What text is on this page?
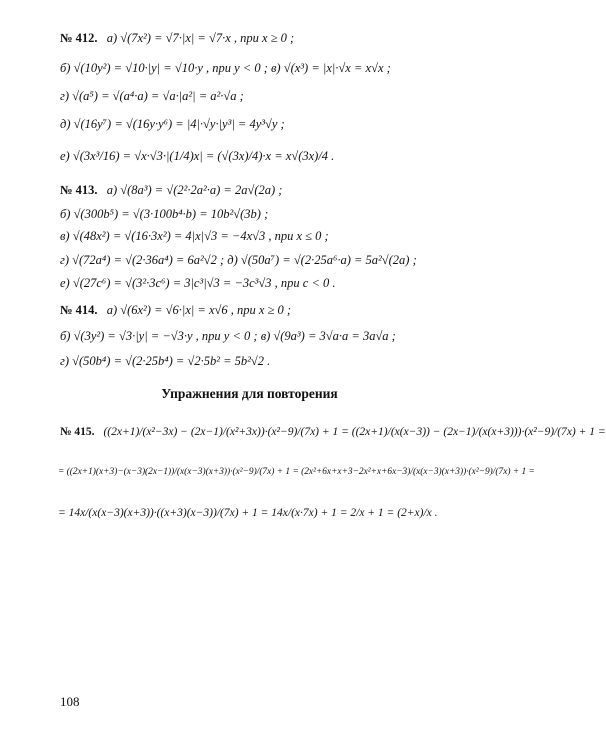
№ 412. а) √(7x²) = √7·|x| = √7·x , при x ≥ 0 ;
б) √(10y²) = √10·|y| = √10·y , при y < 0 ; в) √(x³) = |x|·√x = x√x ;
г) √(a⁵) = √(a⁴·a) = √a·|a²| = a²·√a ;
д) √(16y⁷) = √(16y·y⁶) = |4|·√y·|y³| = 4y³√y ;
е) √(3x³/16) = √x·√3·|(1/4)x| = (√(3x)/4)·x = x√(3x)/4 .
№ 413. а) √(8a³) = √(2²·2a²·a) = 2a√(2a) ;
б) √(300b⁵) = √(3·100b⁴·b) = 10b²√(3b) ;
в) √(48x²) = √(16·3x²) = 4|x|√3 = −4x√3 , при x ≤ 0 ;
г) √(72a⁴) = √(2·36a⁴) = 6a²√2 ; д) √(50a⁷) = √(2·25a⁶·a) = 5a²√(2a) ;
е) √(27c⁶) = √(3²·3c⁶) = 3|c³|√3 = −3c³√3 , при c < 0 .
№ 414. а) √(6x²) = √6·|x| = x√6 , при x ≥ 0 ;
б) √(3y²) = √3·|y| = −√3·y , при y < 0 ; в) √(9a³) = 3√a·a = 3a√a ;
г) √(50b⁴) = √(2·25b⁴) = √2·5b² = 5b²√2 .
Упражнения для повторения
№ 415. ((2x+1)/(x²−3x) − (2x−1)/(x²+3x))·(x²−9)/(7x) + 1 = ((2x+1)/(x(x−3)) − (2x−1)/(x(x+3)))·(x²−9)/(7x) + 1 =
= ((2x+1)(x+3)−(x−3)(2x−1))/(x(x−3)(x+3))·(x²−9)/(7x) + 1 = (2x²+6x+x+3−2x²+x+6x−3)/(x(x−3)(x+3))·(x²−9)/(7x) + 1 =
= 14x/(x(x−3)(x+3))·((x+3)(x−3))/(7x) + 1 = 14x/(x·7x) + 1 = 2/x + 1 = (2+x)/x .
108
